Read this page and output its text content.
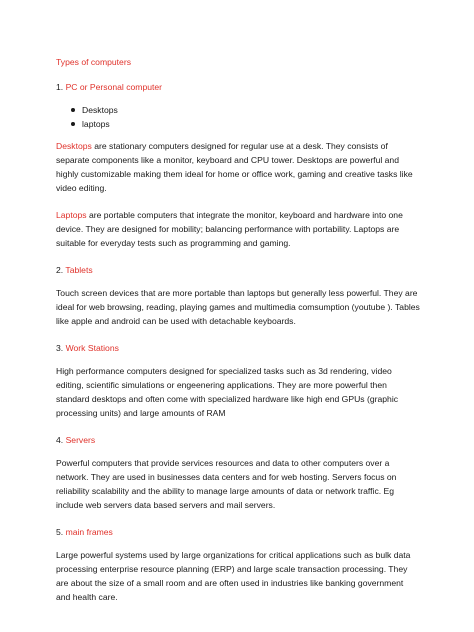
Types of computers

1. PC or Personal computer

Desktops
laptops

Desktops are stationary computers designed for regular use at a desk. They consists of separate components like a monitor, keyboard and CPU tower. Desktops are powerful and highly customizable making them ideal for home or office work, gaming and creative tasks like video editing.

Laptops are portable computers that integrate the monitor, keyboard and hardware into one device. They are designed for mobility; balancing performance with portability. Laptops are suitable for everyday tests such as programming and gaming.

2. Tablets

Touch screen devices that are more portable than laptops but generally less powerful. They are ideal for web browsing, reading, playing games and multimedia comsumption (youtube ). Tables like apple and android can be used with detachable keyboards.

3. Work Stations

High performance computers designed for specialized tasks such as 3d rendering, video editing, scientific simulations or engeenering applications. They are more powerful then standard desktops and often come with specialized hardware like high end GPUs (graphic processing units) and large amounts of RAM

4. Servers

Powerful computers that provide services resources and data to other computers over a network. They are used in businesses data centers and for web hosting. Servers focus on reliability scalability and the ability to manage large amounts of data or network traffic. Eg include web servers data based servers and mail servers.

5. main frames

Large powerful systems used by large organizations for critical applications such as bulk data processing enterprise resource planning (ERP) and large scale transaction processing. They are about the size of a small room and are often used in industries like banking government and health care.
